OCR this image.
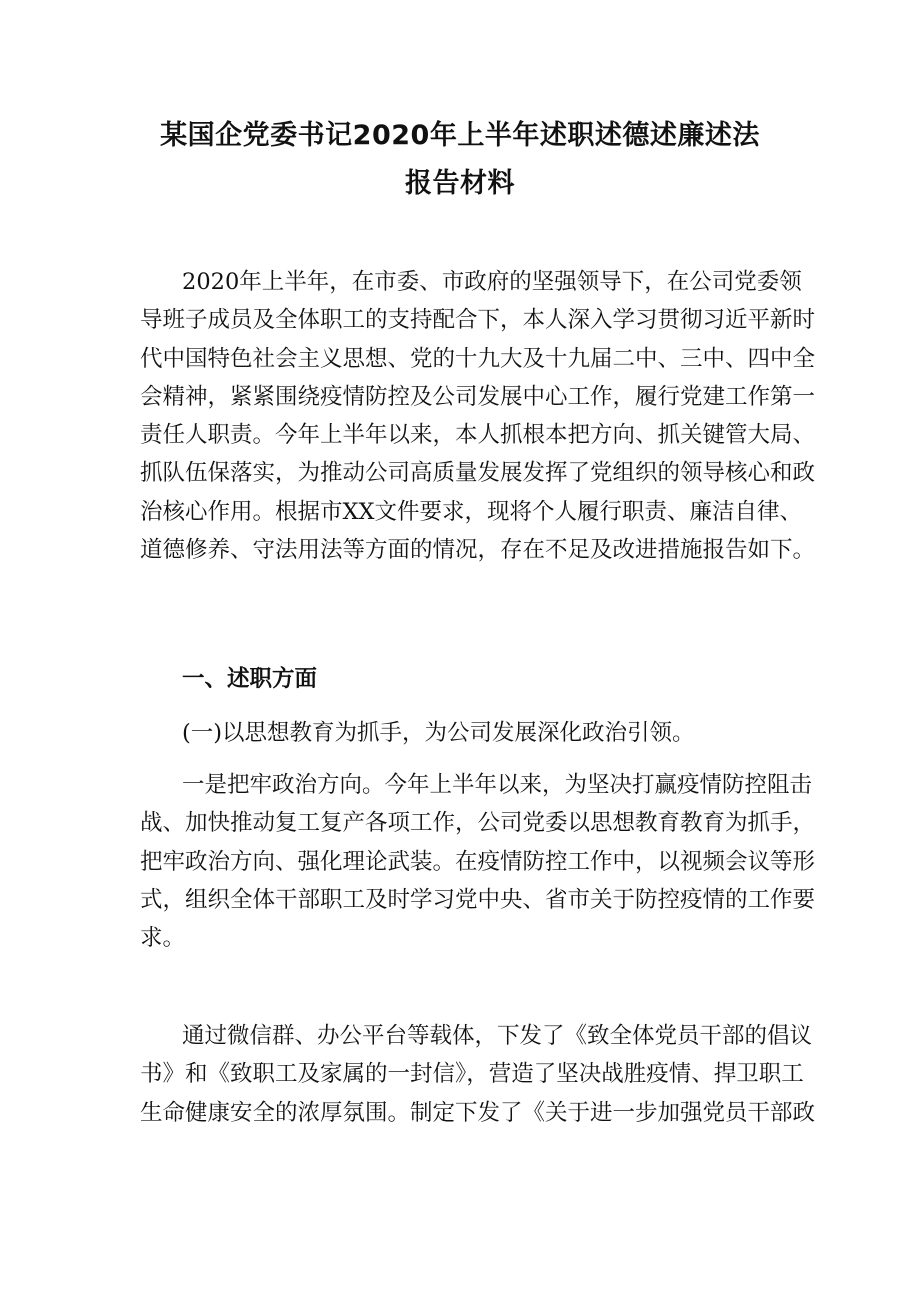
某国企党委书记2020年上半年述职述德述廉述法
报告材料
2020年上半年，在市委、市政府的坚强领导下，在公司党委领
导班子成员及全体职工的支持配合下，本人深入学习贯彻习近平新时
代中国特色社会主义思想、党的十九大及十九届二中、三中、四中全
会精神，紧紧围绕疫情防控及公司发展中心工作，履行党建工作第一
责任人职责。今年上半年以来，本人抓根本把方向、抓关键管大局、
抓队伍保落实，为推动公司高质量发展发挥了党组织的领导核心和政
治核心作用。根据市XX文件要求，现将个人履行职责、廉洁自律、
道德修养、守法用法等方面的情况，存在不足及改进措施报告如下。
一、述职方面

(一)以思想教育为抓手，为公司发展深化政治引领。

一是把牢政治方向。今年上半年以来，为坚决打赢疫情防控阻击
战、加快推动复工复产各项工作，公司党委以思想教育教育为抓手，
把牢政治方向、强化理论武装。在疫情防控工作中，以视频会议等形
式，组织全体干部职工及时学习党中央、省市关于防控疫情的工作要
求。
通过微信群、办公平台等载体，下发了《致全体党员干部的倡议
书》和《致职工及家属的一封信》，营造了坚决战胜疫情、捍卫职工
生命健康安全的浓厚氛围。制定下发了《关于进一步加强党员干部政
